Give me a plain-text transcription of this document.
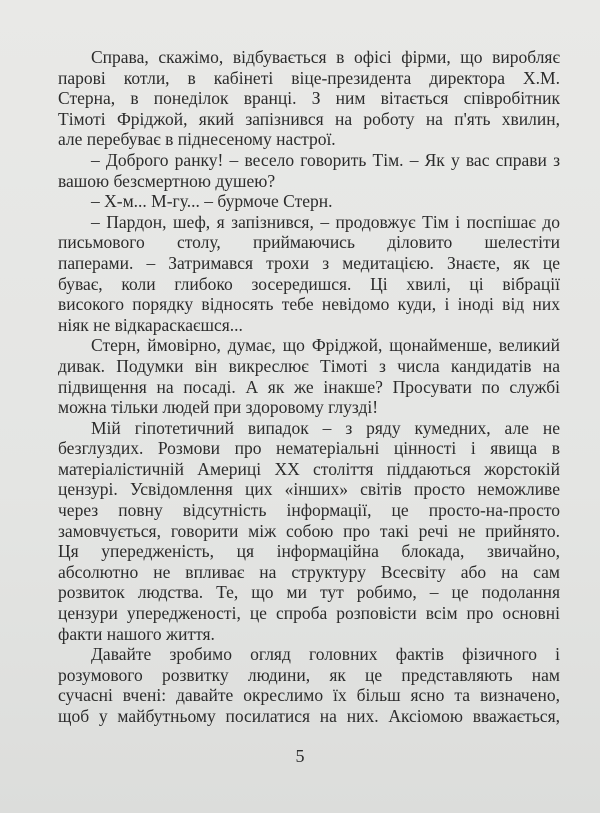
Справа, скажімо, відбувається в офісі фірми, що виробляє
парові котли, в кабінеті віце-президента директора Х.М.
Стерна, в понеділок вранці. З ним вітається співробітник
Тімоті Фріджой, який запізнився на роботу на п'ять хвилин,
але перебуває в піднесеному настрої.
– Доброго ранку! – весело говорить Тім. – Як у вас справи з
вашою безсмертною душею?
– Х-м... М-гу... – бурмоче Стерн.
– Пардон, шеф, я запізнився, – продовжує Тім і поспішає до
письмового столу, приймаючись діловито шелестіти
паперами. – Затримався трохи з медитацією. Знаєте, як це
буває, коли глибоко зосередишся. Ці хвилі, ці вібрації
високого порядку відносять тебе невідомо куди, і іноді від них
ніяк не відкараскаєшся...
Стерн, ймовірно, думає, що Фріджой, щонайменше, великий
дивак. Подумки він викреслює Тімоті з числа кандидатів на
підвищення на посаді. А як же інакше? Просувати по службі
можна тільки людей при здоровому глузді!
Мій гіпотетичний випадок – з ряду кумедних, але не
безглуздих. Розмови про нематеріальні цінності і явища в
матеріалістичній Америці XX століття піддаються жорстокій
цензурі. Усвідомлення цих «інших» світів просто неможливе
через повну відсутність інформації, це просто-на-просто
замовчується, говорити між собою про такі речі не прийнято.
Ця упередженість, ця інформаційна блокада, звичайно,
абсолютно не впливає на структуру Всесвіту або на сам
розвиток людства. Те, що ми тут робимо, – це подолання
цензури упередженості, це спроба розповісти всім про основні
факти нашого життя.
Давайте зробимо огляд головних фактів фізичного і
розумового розвитку людини, як це представляють нам
сучасні вчені: давайте окреслимо їх більш ясно та визначено,
щоб у майбутньому посилатися на них. Аксіомою вважається,
5
